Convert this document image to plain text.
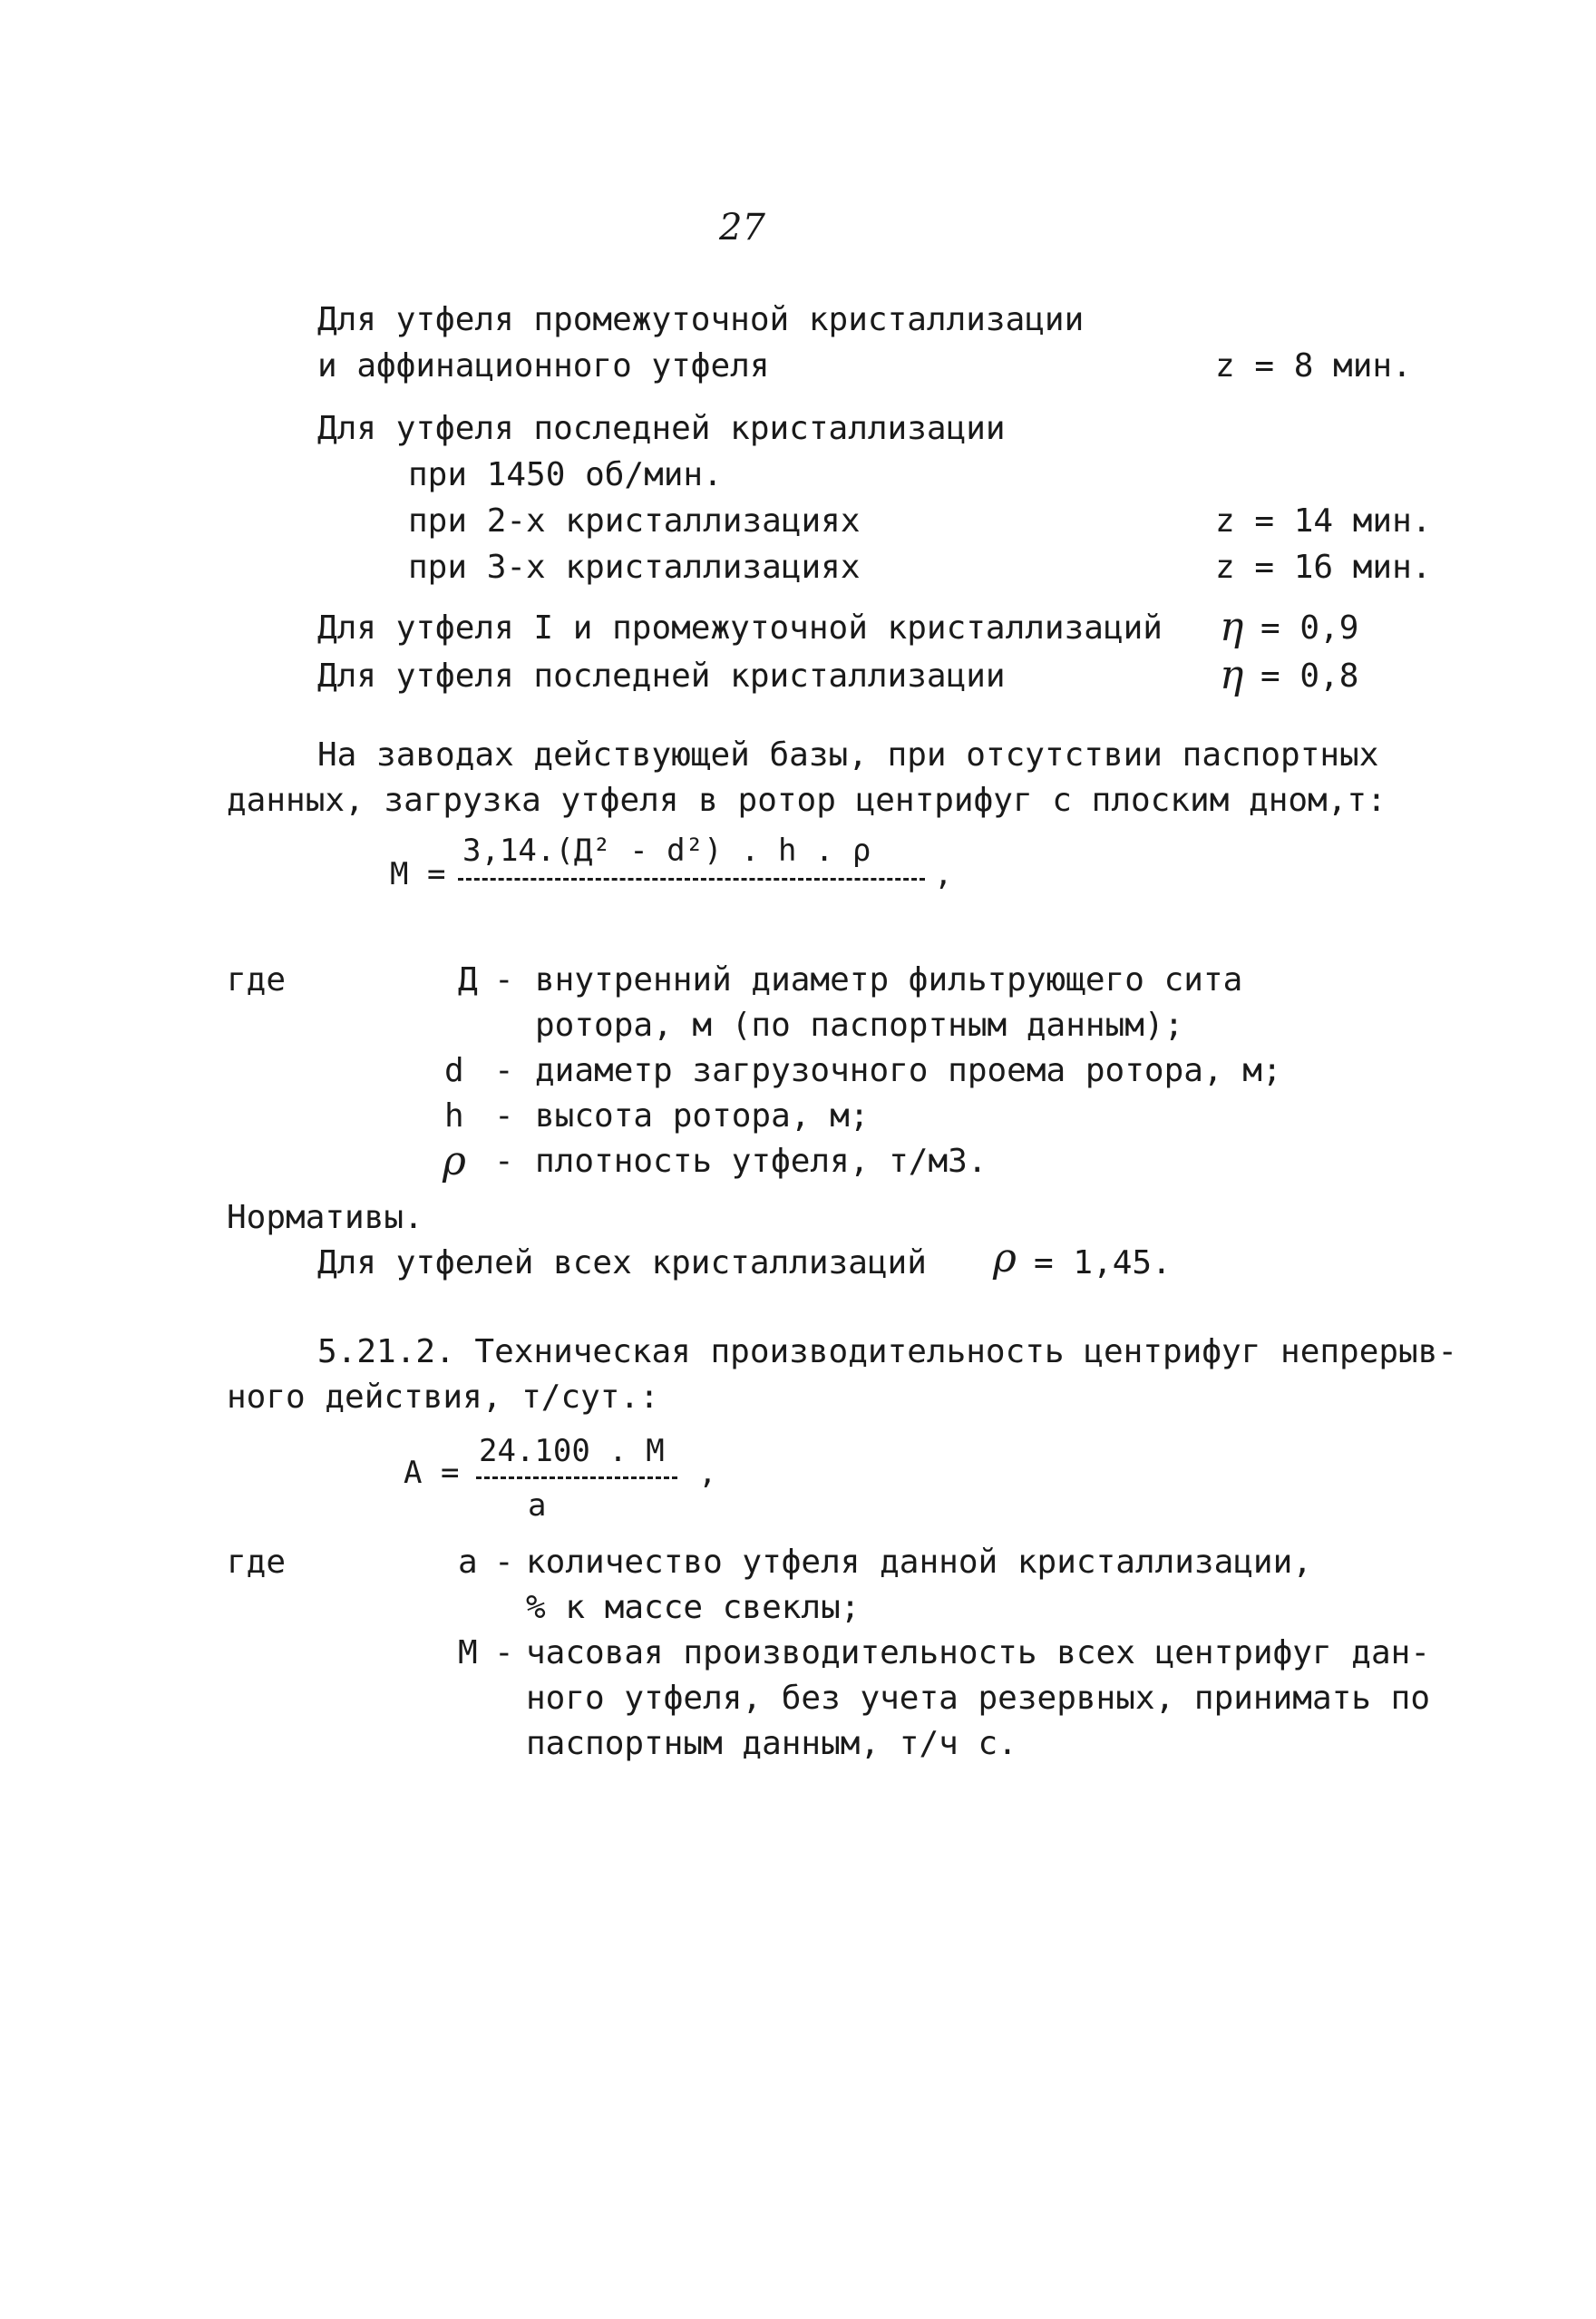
27
Для утфеля промежуточной кристаллизации
и аффинационного утфеля	z = 8 мин.
Для утфеля последней кристаллизации
при 1450 об/мин.
при 2-х кристаллизациях	z = 14 мин.
при 3-х кристаллизациях	z = 16 мин.
Для утфеля I и промежуточной кристаллизаций η = 0,9
Для утфеля последней кристаллизации	η = 0,8
На заводах действующей базы, при отсутствии паспортных
данных, загрузка утфеля в ротор центрифуг с плоским дном,т:
M =
3,14.(Д² - d²) . h . ρ
,
где	Д - внутренний диаметр фильтрующего сита
ротора, м (по паспортным данным);
d - диаметр загрузочного проема ротора, м;
h - высота ротора, м;
ρ - плотность утфеля, т/м3.
Нормативы.
Для утфелей всех кристаллизаций ρ = 1,45.
5.21.2. Техническая производительность центрифуг непрерыв-
ного действия, т/сут.:
A =
24.100 . M
a
,
где	a - количество утфеля данной кристаллизации,
% к массе свеклы;
M - часовая производительность всех центрифуг дан-
ного утфеля, без учета резервных, принимать по
паспортным данным, т/ч с.
